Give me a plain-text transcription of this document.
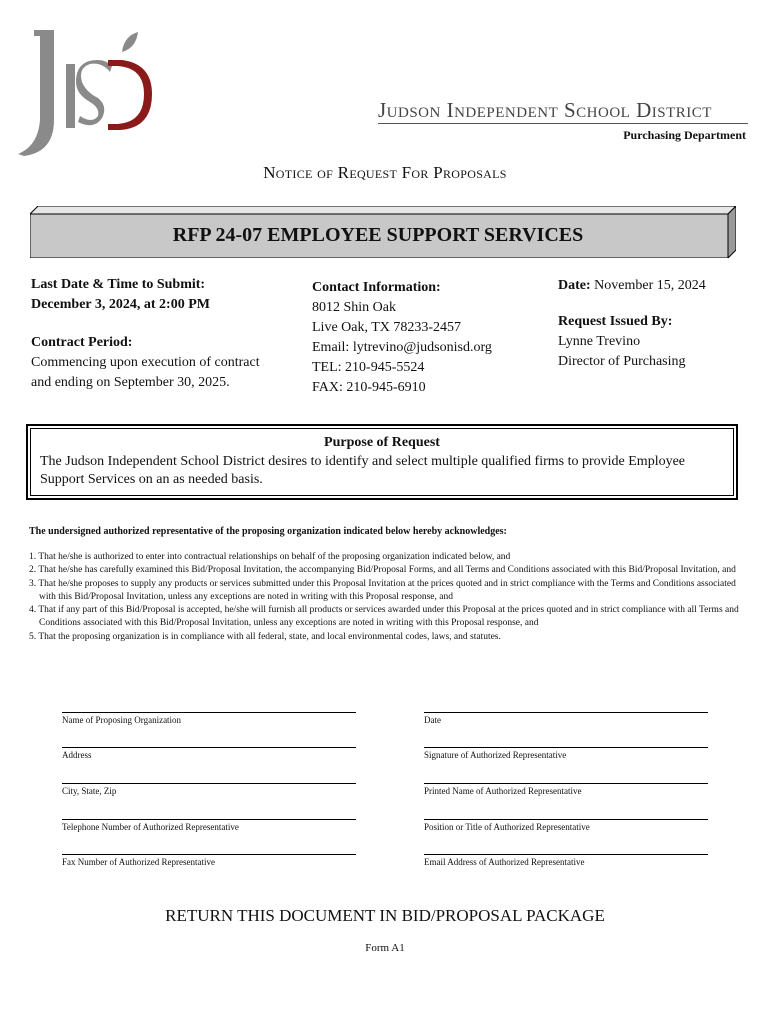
Judson Independent School District
Purchasing Department
Notice of Request For Proposals
RFP 24-07 EMPLOYEE SUPPORT SERVICES
Last Date & Time to Submit:
December 3, 2024, at 2:00 PM
Contract Period:
Commencing upon execution of contract and ending on September 30, 2025.
Contact Information:
8012 Shin Oak
Live Oak, TX 78233-2457
Email: lytrevino@judsonisd.org
TEL: 210-945-5524
FAX: 210-945-6910
Date: November 15, 2024
Request Issued By:
Lynne Trevino
Director of Purchasing
Purpose of Request
The Judson Independent School District desires to identify and select multiple qualified firms to provide Employee Support Services on an as needed basis.
The undersigned authorized representative of the proposing organization indicated below hereby acknowledges:
1. That he/she is authorized to enter into contractual relationships on behalf of the proposing organization indicated below, and
2. That he/she has carefully examined this Bid/Proposal Invitation, the accompanying Bid/Proposal Forms, and all Terms and Conditions associated with this Bid/Proposal Invitation, and
3. That he/she proposes to supply any products or services submitted under this Proposal Invitation at the prices quoted and in strict compliance with the Terms and Conditions associated with this Bid/Proposal Invitation, unless any exceptions are noted in writing with this Proposal response, and
4. That if any part of this Bid/Proposal is accepted, he/she will furnish all products or services awarded under this Proposal at the prices quoted and in strict compliance with all Terms and Conditions associated with this Bid/Proposal Invitation, unless any exceptions are noted in writing with this Proposal response, and
5. That the proposing organization is in compliance with all federal, state, and local environmental codes, laws, and statutes.
Name of Proposing Organization	Date
Address	Signature of Authorized Representative
City, State, Zip	Printed Name of Authorized Representative
Telephone Number of Authorized Representative	Position or Title of Authorized Representative
Fax Number of Authorized Representative	Email Address of Authorized Representative
RETURN THIS DOCUMENT IN BID/PROPOSAL PACKAGE
Form A1
